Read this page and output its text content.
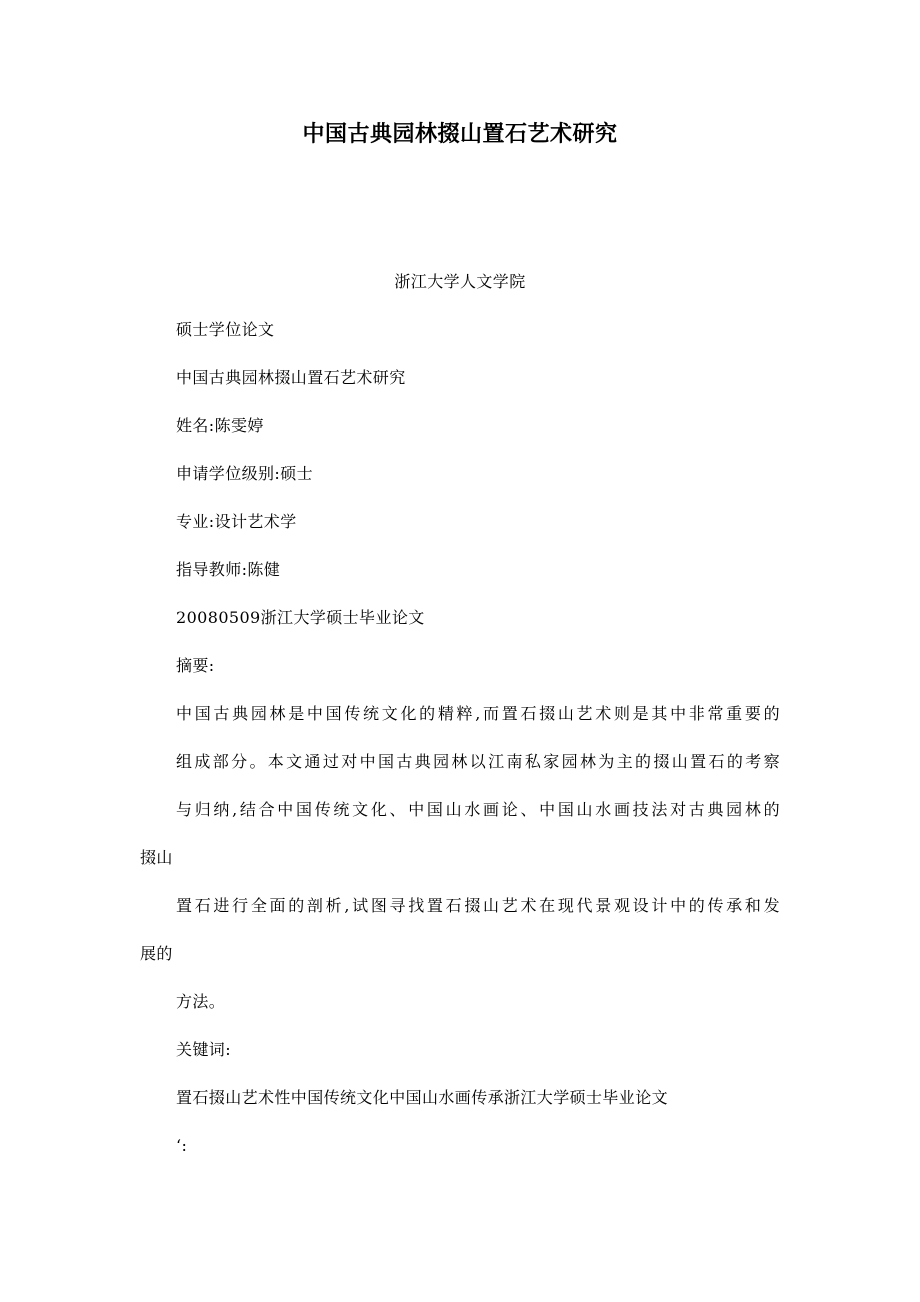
中国古典园林掇山置石艺术研究
浙江大学人文学院
硕士学位论文
中国古典园林掇山置石艺术研究
姓名:陈雯婷
申请学位级别:硕士
专业:设计艺术学
指导教师:陈健
20080509浙江大学硕士毕业论文
摘要:
中国古典园林是中国传统文化的精粹,而置石掇山艺术则是其中非常重要的
组成部分。本文通过对中国古典园林以江南私家园林为主的掇山置石的考察
与归纳,结合中国传统文化、中国山水画论、中国山水画技法对古典园林的
掇山
置石进行全面的剖析,试图寻找置石掇山艺术在现代景观设计中的传承和发
展的
方法。
关键词:
置石掇山艺术性中国传统文化中国山水画传承浙江大学硕士毕业论文
‘:
